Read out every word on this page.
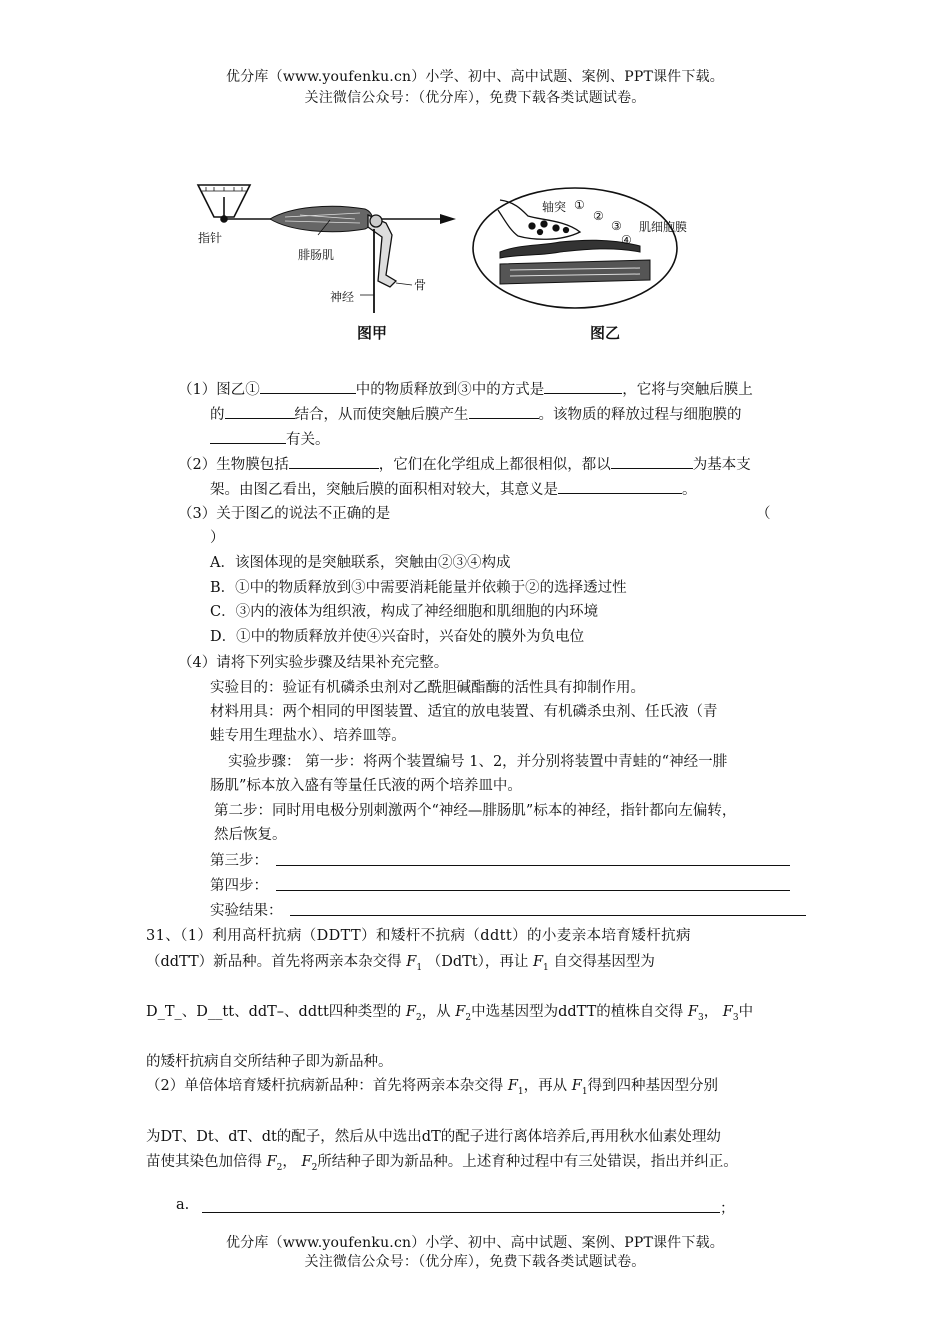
优分库（www.youfenku.cn）小学、初中、高中试题、案例、PPT课件下载。
关注微信公众号：（优分库），免费下载各类试题试卷。
指针
腓肠肌
神经
骨
图甲
轴突 ①
②
③ 肌细胞膜
④
图乙
（1）图乙①	中的物质释放到③中的方式是	，它将与突触后膜上
的	结合，从而使突触后膜产生	。该物质的释放过程与细胞膜的
有关。
（2）生物膜包括	，它们在化学组成上都很相似，都以	为基本支
架。由图乙看出，突触后膜的面积相对较大，其意义是	。
（3）关于图乙的说法不正确的是	（
）
A．该图体现的是突触联系，突触由②③④构成
B．①中的物质释放到③中需要消耗能量并依赖于②的选择透过性
C．③内的液体为组织液，构成了神经细胞和肌细胞的内环境
D．①中的物质释放并使④兴奋时，兴奋处的膜外为负电位
（4）请将下列实验步骤及结果补充完整。
实验目的：验证有机磷杀虫剂对乙酰胆碱酯酶的活性具有抑制作用。
材料用具：两个相同的甲图装置、适宜的放电装置、有机磷杀虫剂、任氏液（青
蛙专用生理盐水）、培养皿等。
实验步骤： 第一步：将两个装置编号 1、2，并分别将装置中青蛙的“神经一腓
肠肌”标本放入盛有等量任氏液的两个培养皿中。
第二步：同时用电极分别刺激两个“神经—腓肠肌”标本的神经，指针都向左偏转，
然后恢复。
第三步：
第四步：
实验结果：
31、（1）利用高杆抗病（DDTT）和矮杆不抗病（ddtt）的小麦亲本培育矮杆抗病
（ddTT）新品种。首先将两亲本杂交得 $F_1$ （DdTt），再让 $F_1$ 自交得基因型为
D_T_、D__tt、ddT–、ddtt四种类型的 $F_2$，从 $F_2$中选基因型为ddTT的植株自交得 $F_3$， $F_3$中
的矮杆抗病自交所结种子即为新品种。
（2）单倍体培育矮杆抗病新品种：首先将两亲本杂交得 $F_1$，再从 $F_1$得到四种基因型分别
为DT、Dt、dT、dt的配子，然后从中选出dT的配子进行离体培养后,再用秋水仙素处理幼
苗使其染色加倍得 $F_2$， $F_2$所结种子即为新品种。上述育种过程中有三处错误，指出并纠正。
a.	；
优分库（www.youfenku.cn）小学、初中、高中试题、案例、PPT课件下载。
关注微信公众号：（优分库），免费下载各类试题试卷。
